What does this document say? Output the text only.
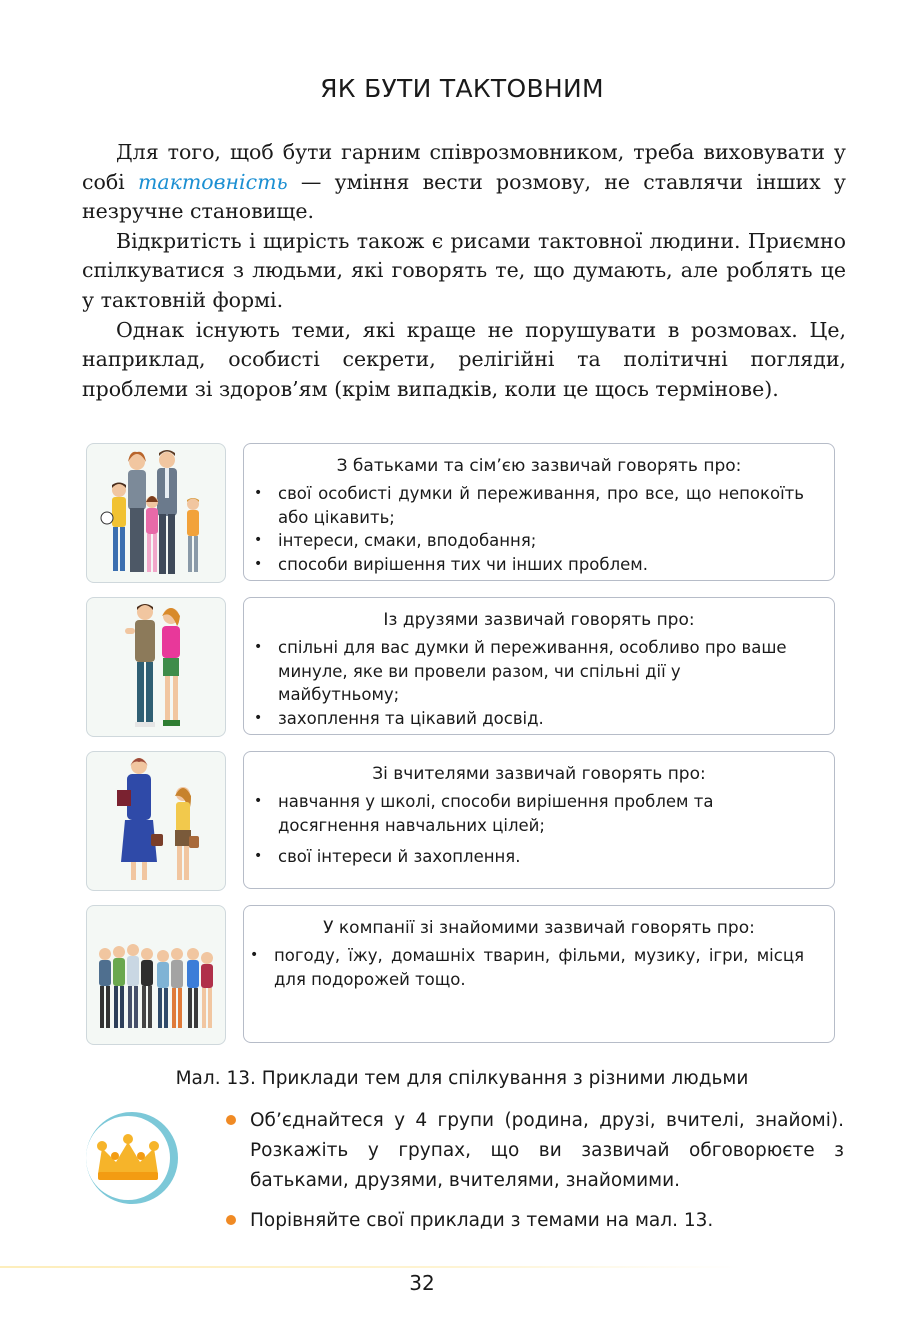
ЯК БУТИ ТАКТОВНИМ

Для того, щоб бути гарним співрозмовником, треба виховувати у собі тактовність — уміння вести розмову, не ставлячи інших у незручне становище.

Відкритість і щирість також є рисами тактовної людини. Приємно спілкуватися з людьми, які говорять те, що думають, але роблять це у тактовній формі.

Однак існують теми, які краще не порушувати в розмовах. Це, наприклад, особисті секрети, релігійні та політичні погляди, проблеми зі здоров’ям (крім випадків, коли це щось термінове).

З батьками та сім’єю зазвичай говорять про:
• свої особисті думки й переживання, про все, що непокоїть або цікавить;
• інтереси, смаки, вподобання;
• способи вирішення тих чи інших проблем.
Із друзями зазвичай говорять про:
• спільні для вас думки й переживання, особливо про ваше минуле, яке ви провели разом, чи спільні дії у майбутньому;
• захоплення та цікавий досвід.
Зі вчителями зазвичай говорять про:
• навчання у школі, способи вирішення проблем та досягнення навчальних цілей;
• свої інтереси й захоплення.
У компанії зі знайомими зазвичай говорять про:
• погоду, їжу, домашніх тварин, фільми, музику, ігри, місця для подорожей тощо.
Мал. 13. Приклади тем для спілкування з різними людьми
Об’єднайтеся у 4 групи (родина, друзі, вчителі, знайомі). Розкажіть у групах, що ви зазвичай обговорюєте з батьками, друзями, вчителями, знайомими.
Порівняйте свої приклади з темами на мал. 13.
32
